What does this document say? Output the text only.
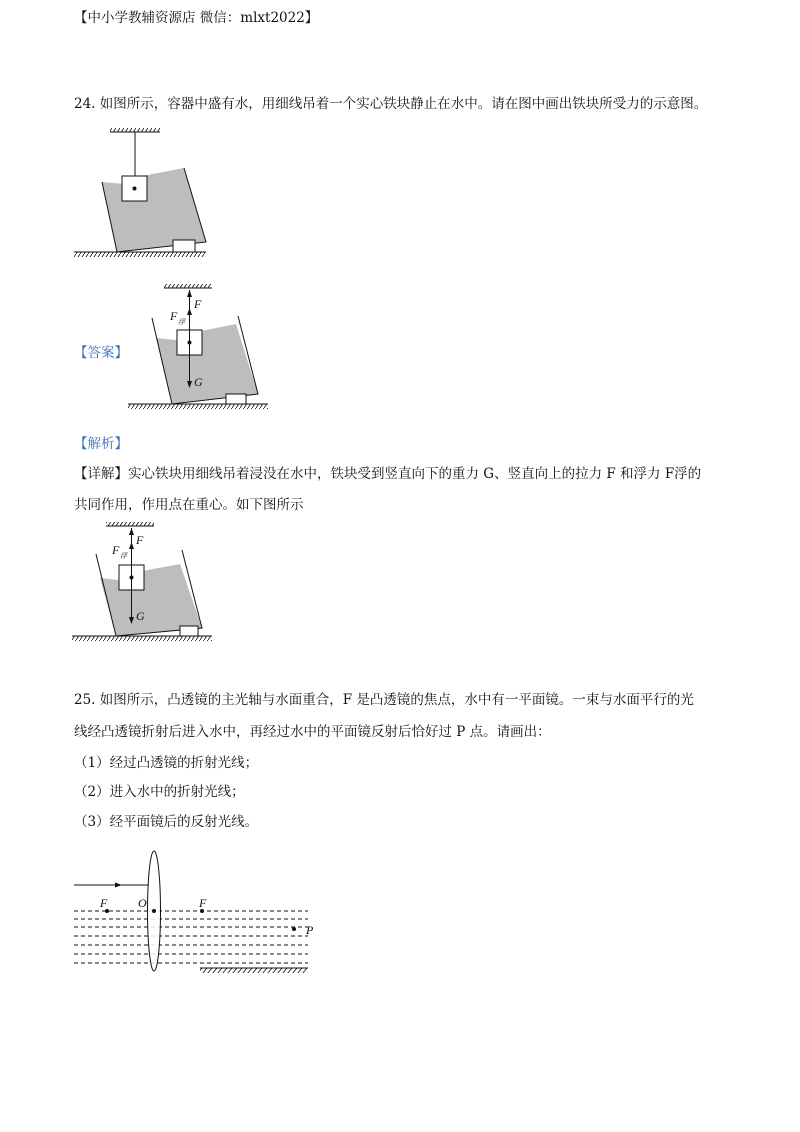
【中小学教辅资源店 微信：mlxt2022】
24. 如图所示，容器中盛有水，用细线吊着一个实心铁块静止在水中。请在图中画出铁块所受力的示意图。
【答案】
F
F 浮
G
【解析】
【详解】实心铁块用细线吊着浸没在水中，铁块受到竖直向下的重力 G、竖直向上的拉力 F 和浮力 F浮的
共同作用，作用点在重心。如下图所示
F
F 浮
G
25. 如图所示，凸透镜的主光轴与水面重合，F 是凸透镜的焦点，水中有一平面镜。一束与水面平行的光
线经凸透镜折射后进入水中，再经过水中的平面镜反射后恰好过 P 点。请画出：
（1）经过凸透镜的折射光线；
（2）进入水中的折射光线；
（3）经平面镜后的反射光线。
F	O	F
P
